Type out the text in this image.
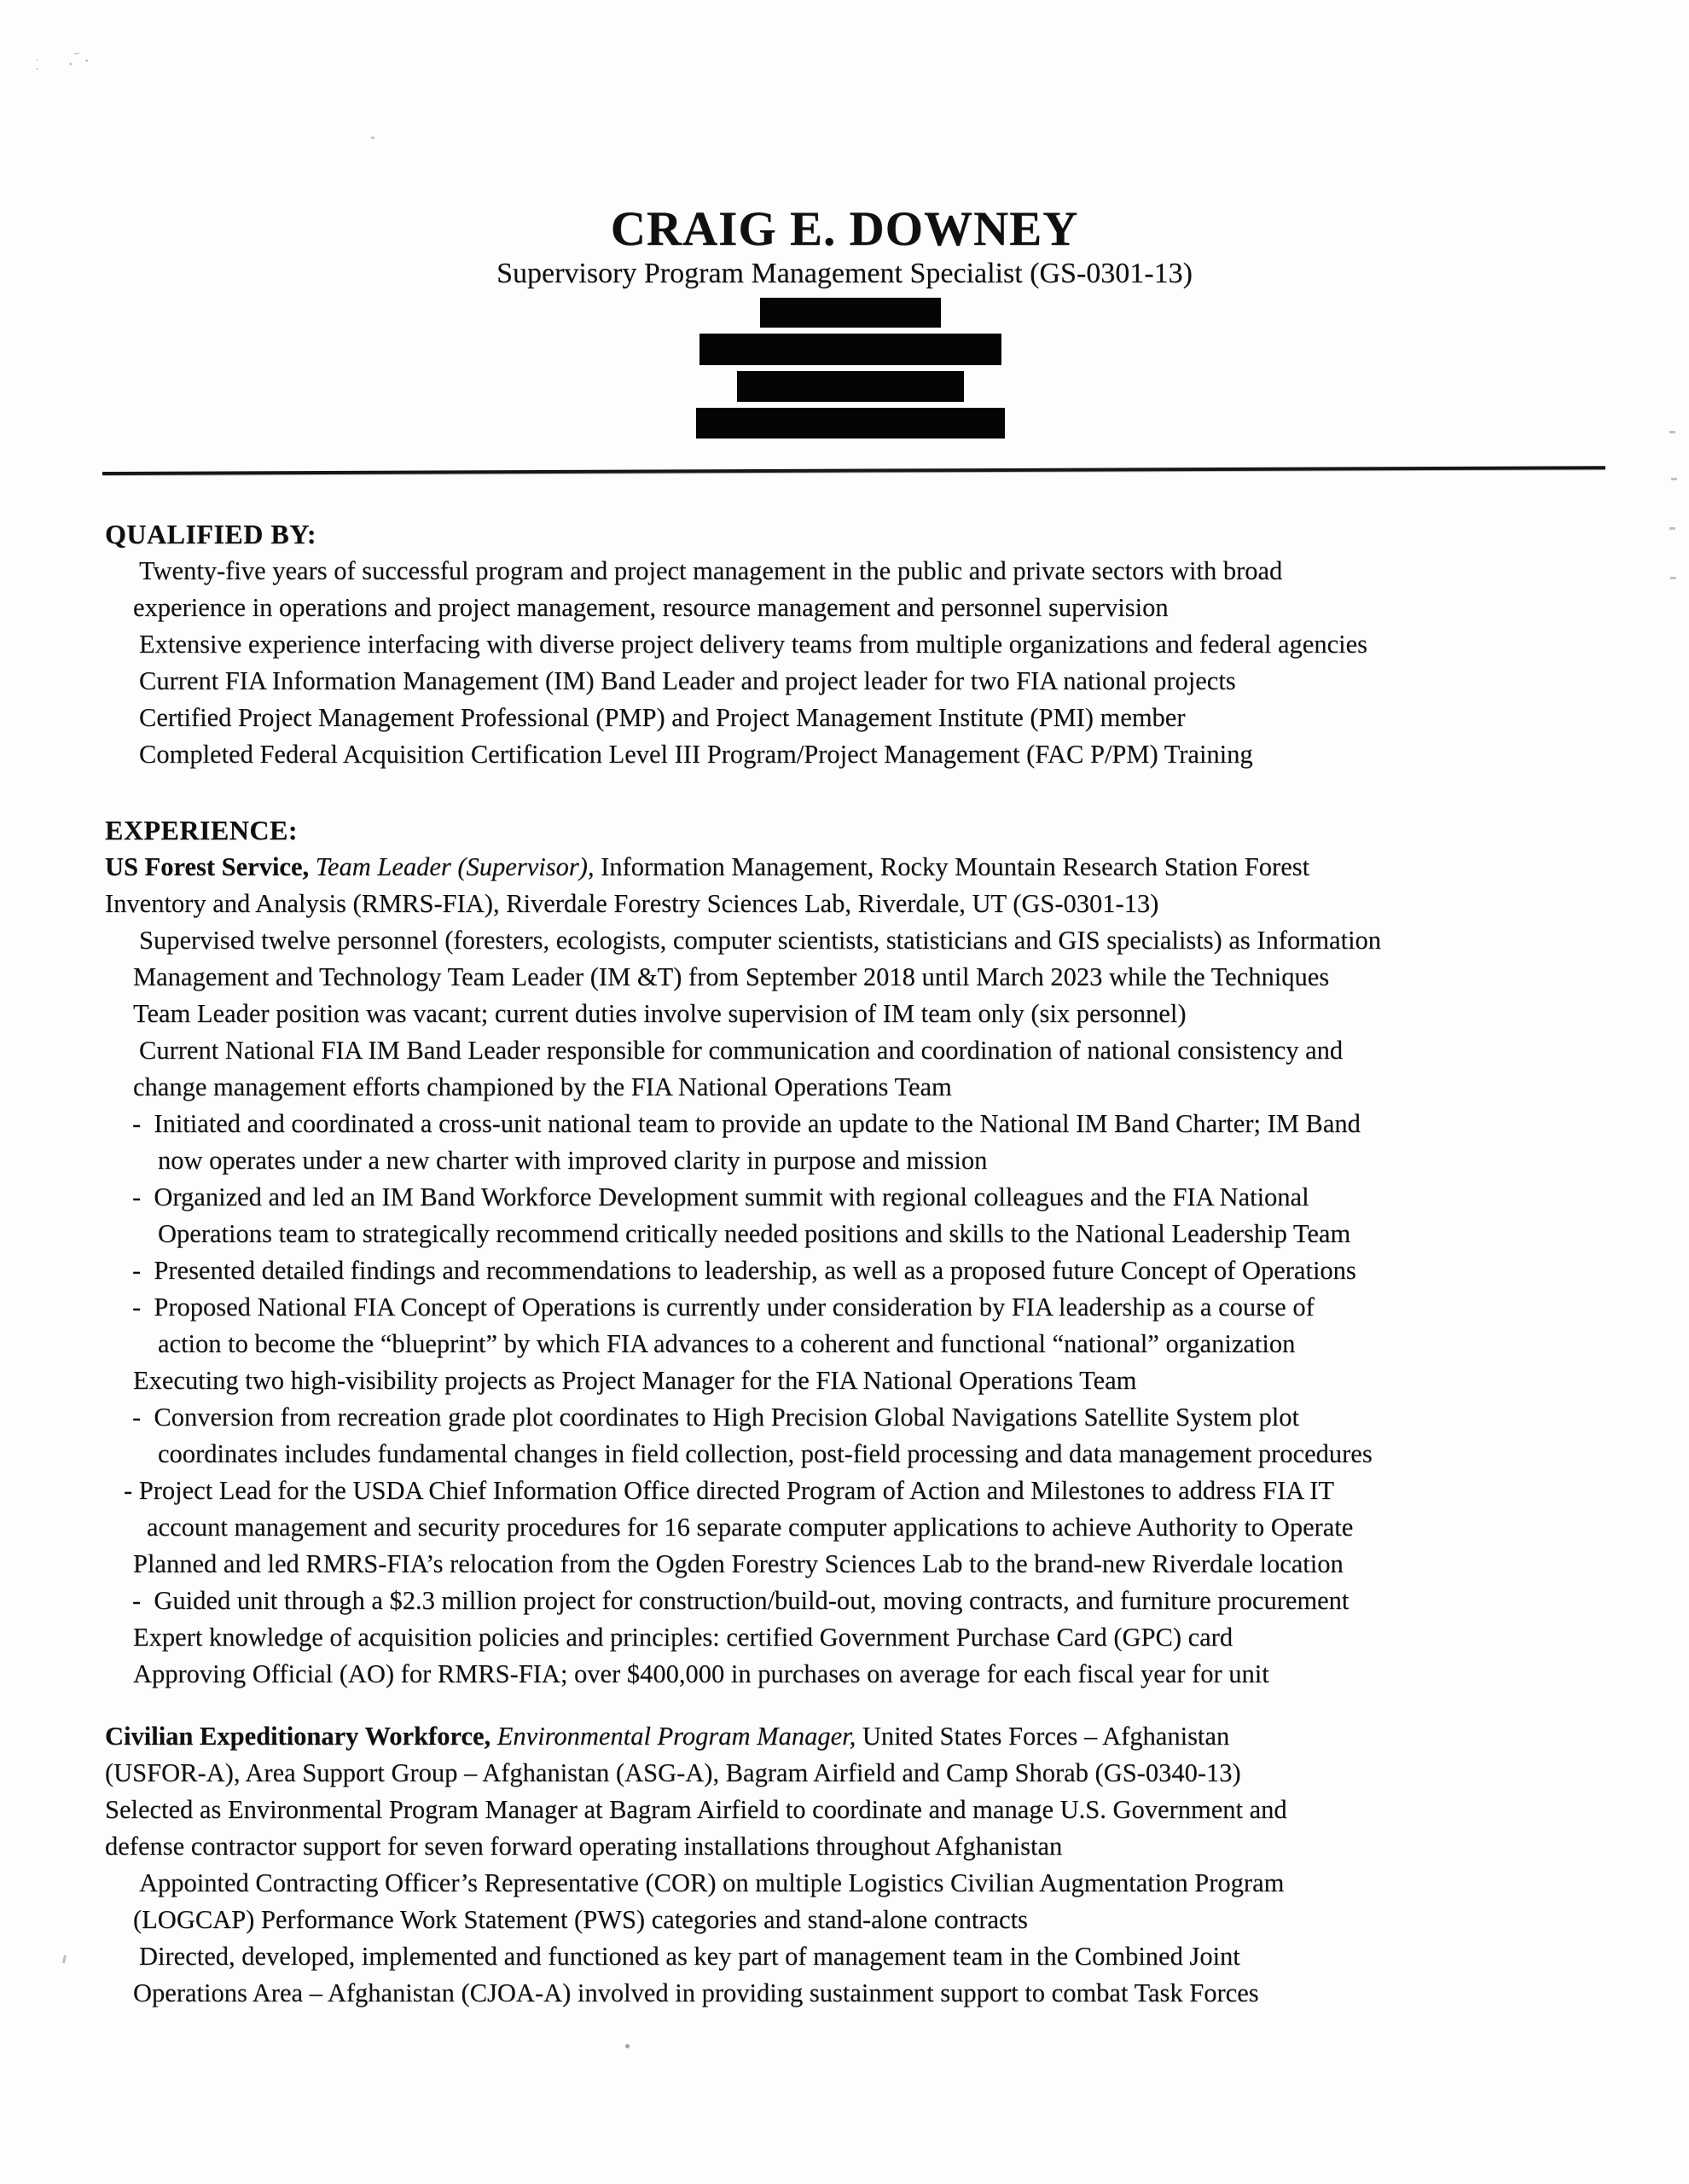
․ˉ․
ˈ․
CRAIG E. DOWNEY
Supervisory Program Management Specialist (GS-0301-13)
QUALIFIED BY:
Twenty-five years of successful program and project management in the public and private sectors with broad
experience in operations and project management, resource management and personnel supervision
Extensive experience interfacing with diverse project delivery teams from multiple organizations and federal agencies
Current FIA Information Management (IM) Band Leader and project leader for two FIA national projects
Certified Project Management Professional (PMP) and Project Management Institute (PMI) member
Completed Federal Acquisition Certification Level III Program/Project Management (FAC P/PM) Training
EXPERIENCE:
US Forest Service, Team Leader (Supervisor), Information Management, Rocky Mountain Research Station Forest
Inventory and Analysis (RMRS-FIA), Riverdale Forestry Sciences Lab, Riverdale, UT (GS-0301-13)
Supervised twelve personnel (foresters, ecologists, computer scientists, statisticians and GIS specialists) as Information
Management and Technology Team Leader (IM &T) from September 2018 until March 2023 while the Techniques
Team Leader position was vacant; current duties involve supervision of IM team only (six personnel)
Current National FIA IM Band Leader responsible for communication and coordination of national consistency and
change management efforts championed by the FIA National Operations Team
-  Initiated and coordinated a cross-unit national team to provide an update to the National IM Band Charter; IM Band
now operates under a new charter with improved clarity in purpose and mission
-  Organized and led an IM Band Workforce Development summit with regional colleagues and the FIA National
Operations team to strategically recommend critically needed positions and skills to the National Leadership Team
-  Presented detailed findings and recommendations to leadership, as well as a proposed future Concept of Operations
-  Proposed National FIA Concept of Operations is currently under consideration by FIA leadership as a course of
action to become the “blueprint” by which FIA advances to a coherent and functional “national” organization
Executing two high-visibility projects as Project Manager for the FIA National Operations Team
-  Conversion from recreation grade plot coordinates to High Precision Global Navigations Satellite System plot
coordinates includes fundamental changes in field collection, post-field processing and data management procedures
- Project Lead for the USDA Chief Information Office directed Program of Action and Milestones to address FIA IT
account management and security procedures for 16 separate computer applications to achieve Authority to Operate
Planned and led RMRS-FIA’s relocation from the Ogden Forestry Sciences Lab to the brand-new Riverdale location
-  Guided unit through a $2.3 million project for construction/build-out, moving contracts, and furniture procurement
Expert knowledge of acquisition policies and principles: certified Government Purchase Card (GPC) card
Approving Official (AO) for RMRS-FIA; over $400,000 in purchases on average for each fiscal year for unit
Civilian Expeditionary Workforce, Environmental Program Manager, United States Forces – Afghanistan
(USFOR-A), Area Support Group – Afghanistan (ASG-A), Bagram Airfield and Camp Shorab (GS-0340-13)
Selected as Environmental Program Manager at Bagram Airfield to coordinate and manage U.S. Government and
defense contractor support for seven forward operating installations throughout Afghanistan
Appointed Contracting Officer’s Representative (COR) on multiple Logistics Civilian Augmentation Program
(LOGCAP) Performance Work Statement (PWS) categories and stand-alone contracts
Directed, developed, implemented and functioned as key part of management team in the Combined Joint
Operations Area – Afghanistan (CJOA-A) involved in providing sustainment support to combat Task Forces
